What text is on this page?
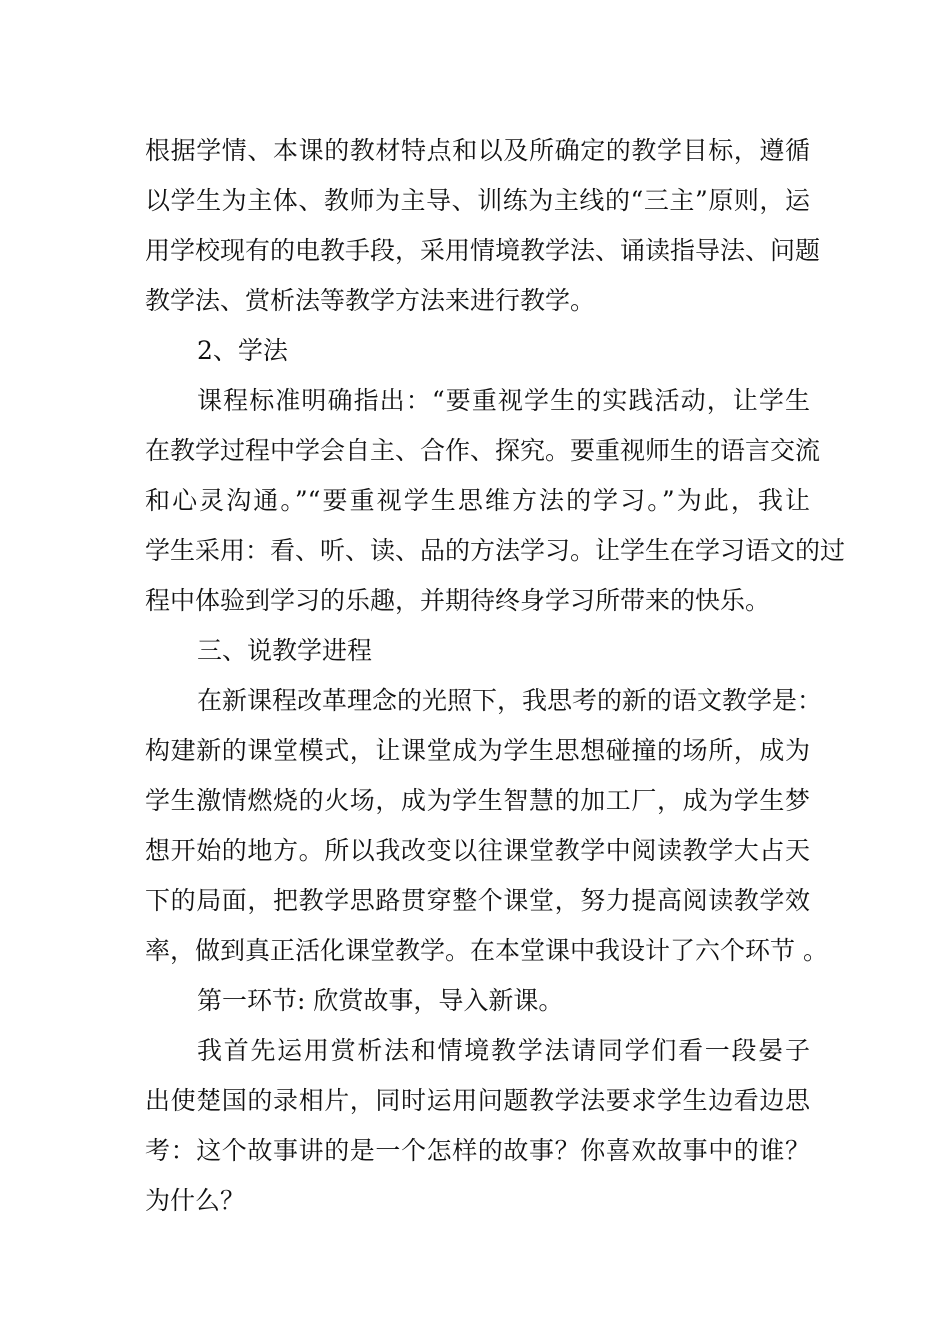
根据学情、本课的教材特点和以及所确定的教学目标，遵循
以学生为主体、教师为主导、训练为主线的“三主”原则，运
用学校现有的电教手段，采用情境教学法、诵读指导法、问题
教学法、赏析法等教学方法来进行教学。
2、学法
课程标准明确指出：“要重视学生的实践活动，让学生
在教学过程中学会自主、合作、探究。要重视师生的语言交流
和心灵沟通。”“要重视学生思维方法的学习。”为此，我让
学生采用：看、听、读、品的方法学习。让学生在学习语文的过
程中体验到学习的乐趣，并期待终身学习所带来的快乐。
三、说教学进程
在新课程改革理念的光照下，我思考的新的语文教学是：
构建新的课堂模式，让课堂成为学生思想碰撞的场所，成为
学生激情燃烧的火场，成为学生智慧的加工厂，成为学生梦
想开始的地方。所以我改变以往课堂教学中阅读教学大占天
下的局面，把教学思路贯穿整个课堂，努力提高阅读教学效
率，做到真正活化课堂教学。在本堂课中我设计了六个环节 。
第一环节: 欣赏故事，导入新课。
我首先运用赏析法和情境教学法请同学们看一段晏子
出使楚国的录相片，同时运用问题教学法要求学生边看边思
考：这个故事讲的是一个怎样的故事？你喜欢故事中的谁？
为什么？
